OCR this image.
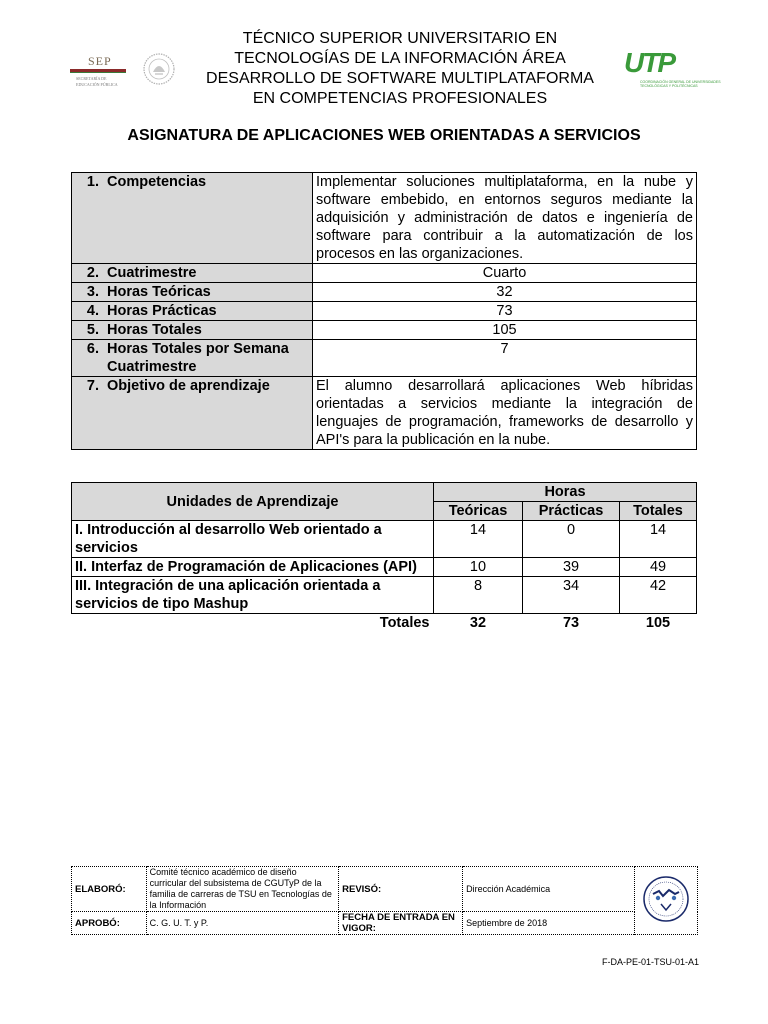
SEP
SECRETARÍA DE
EDUCACIÓN PÚBLICA
TÉCNICO SUPERIOR UNIVERSITARIO EN
TECNOLOGÍAS DE LA INFORMACIÓN ÁREA
DESARROLLO DE SOFTWARE MULTIPLATAFORMA
EN COMPETENCIAS PROFESIONALES
UTP
COORDINACIÓN GENERAL DE UNIVERSIDADES
TECNOLÓGICAS Y POLITÉCNICAS
ASIGNATURA DE APLICACIONES WEB ORIENTADAS A SERVICIOS
1. Competencias	Implementar soluciones multiplataforma, en la nube y software embebido, en entornos seguros mediante la adquisición y administración de datos e ingeniería de software para contribuir a la automatización de los procesos en las organizaciones.
2. Cuatrimestre	Cuarto
3. Horas Teóricas	32
4. Horas Prácticas	73
5. Horas Totales	105
6. Horas Totales por Semana
Cuatrimestre	7
7. Objetivo de aprendizaje	El alumno desarrollará aplicaciones Web híbridas orientadas a servicios mediante la integración de lenguajes de programación, frameworks de desarrollo y API's para la publicación en la nube.
Unidades de Aprendizaje	Horas		
	Teóricas	Prácticas	Totales
I. Introducción al desarrollo Web orientado a servicios	14	0	14
II. Interfaz de Programación de Aplicaciones (API)	10	39	49
III. Integración de una aplicación orientada a servicios de tipo Mashup	8	34	42
Totales	32	73	105
ELABORÓ:	Comité técnico académico de diseño curricular del subsistema de CGUTyP de la familia de carreras de TSU en Tecnologías de la Información	REVISÓ:	Dirección Académica	
APROBÓ:	C. G. U. T. y P.	FECHA DE ENTRADA EN VIGOR:	Septiembre de 2018	
F-DA-PE-01-TSU-01-A1
